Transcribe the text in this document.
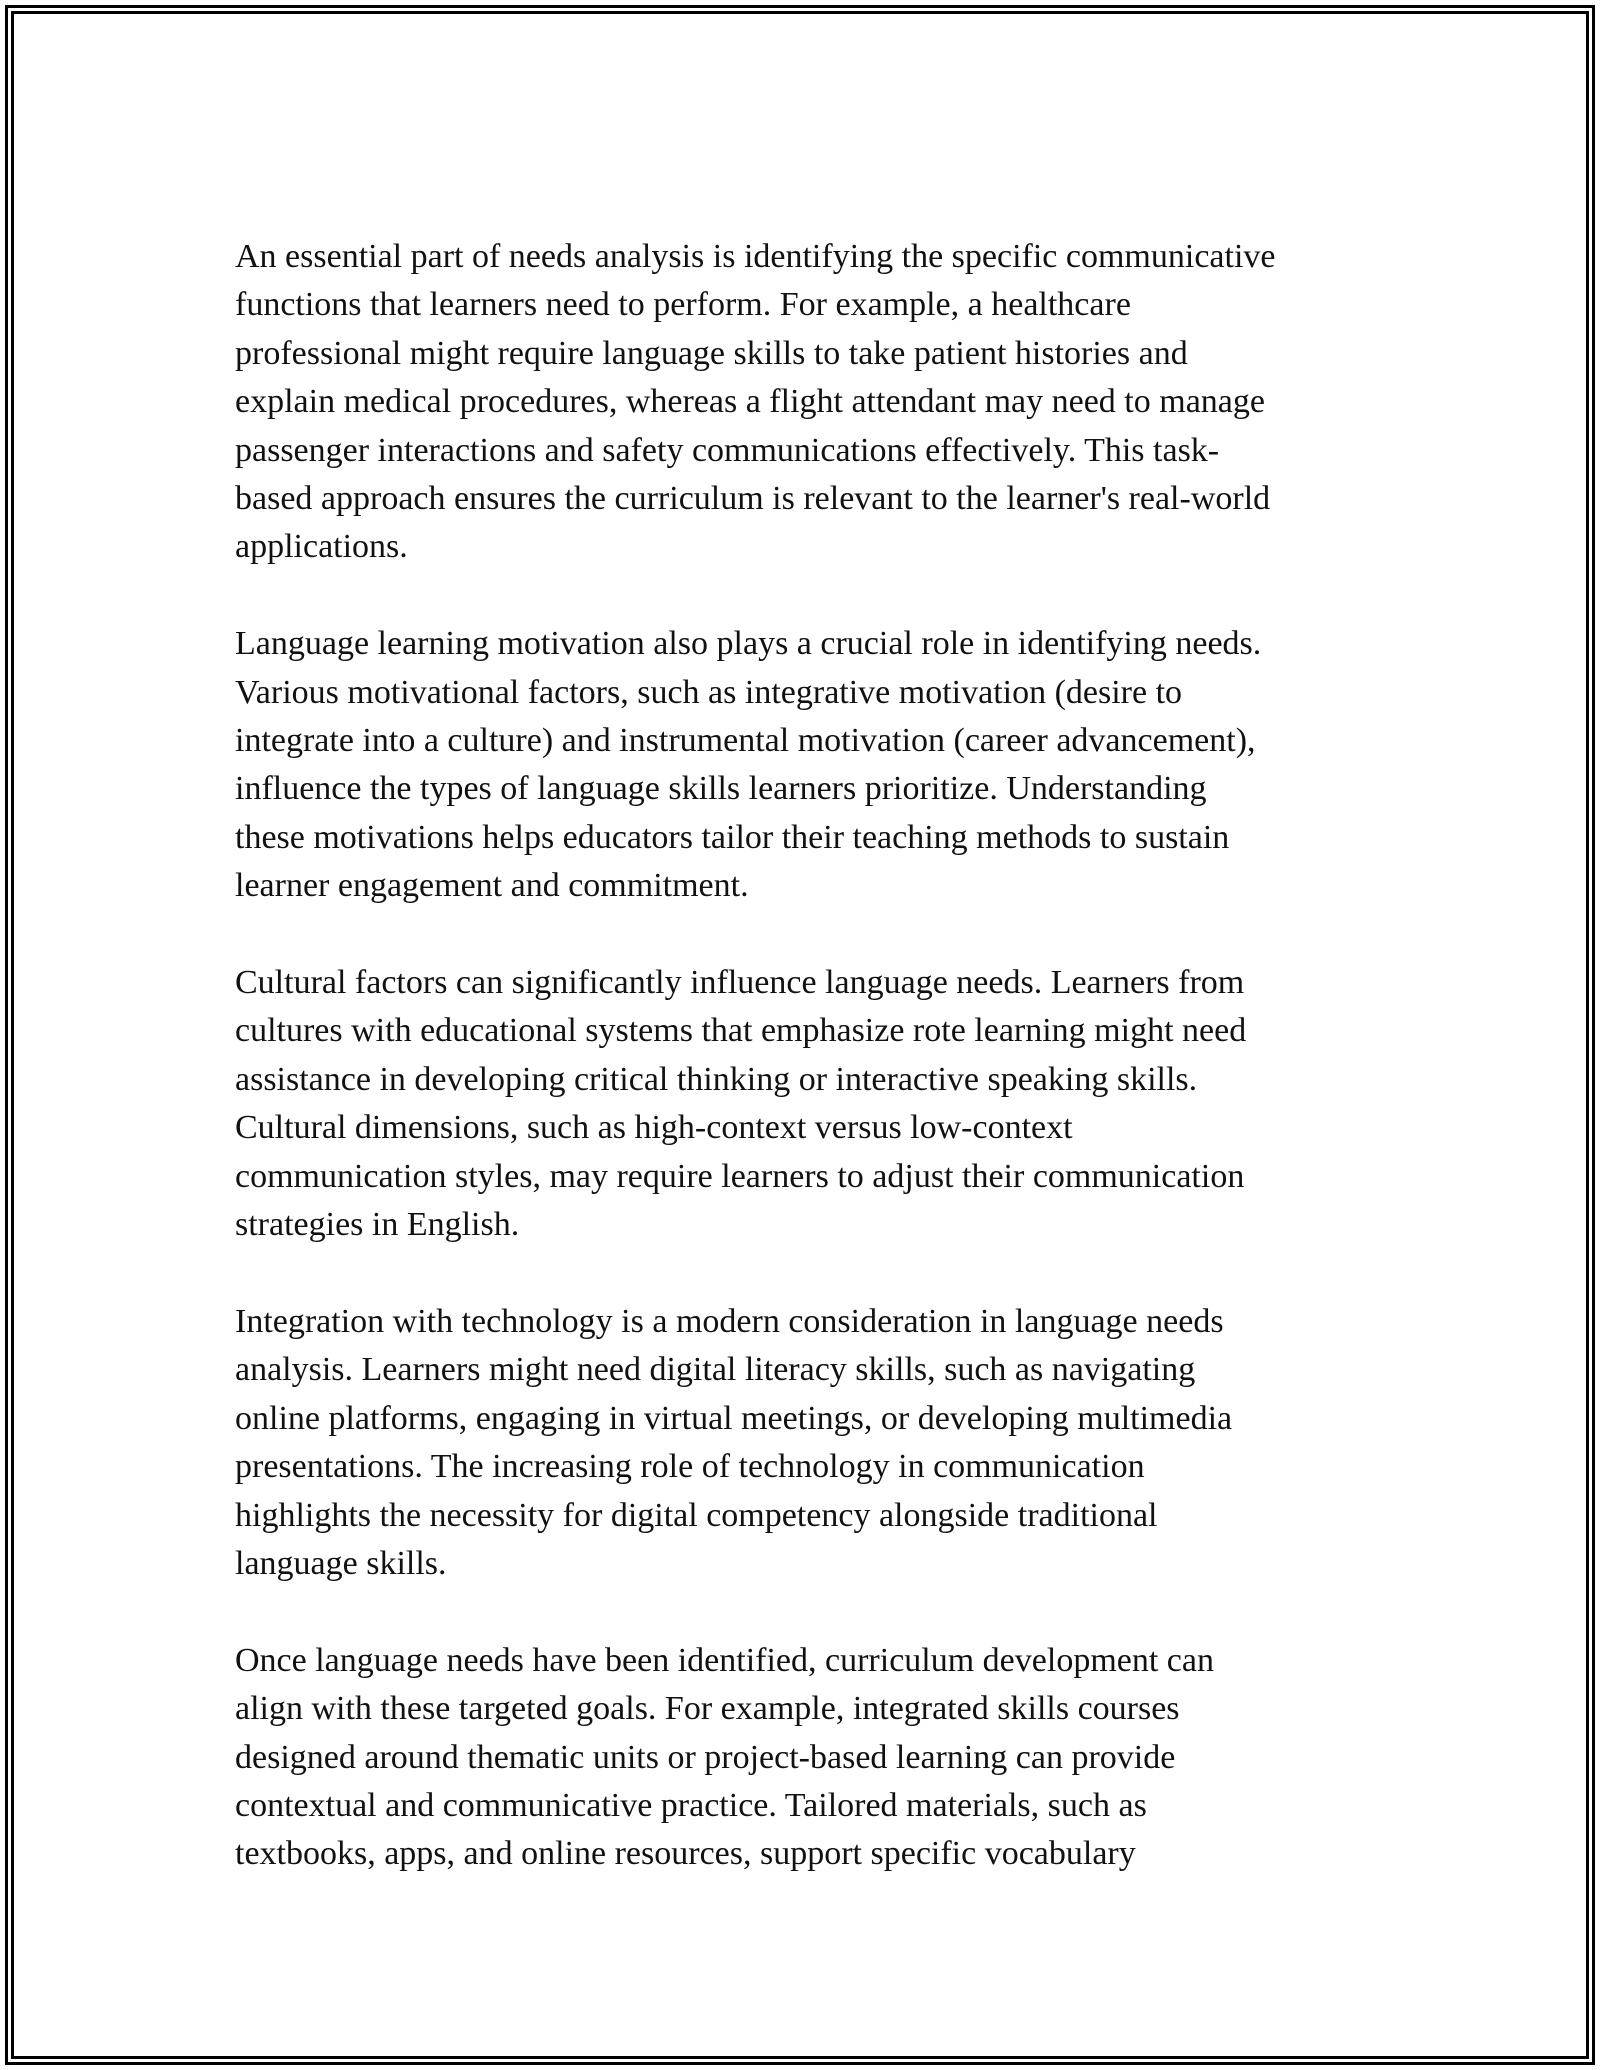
An essential part of needs analysis is identifying the specific communicative
functions that learners need to perform. For example, a healthcare
professional might require language skills to take patient histories and
explain medical procedures, whereas a flight attendant may need to manage
passenger interactions and safety communications effectively. This task-
based approach ensures the curriculum is relevant to the learner's real-world
applications.

Language learning motivation also plays a crucial role in identifying needs.
Various motivational factors, such as integrative motivation (desire to
integrate into a culture) and instrumental motivation (career advancement),
influence the types of language skills learners prioritize. Understanding
these motivations helps educators tailor their teaching methods to sustain
learner engagement and commitment.

Cultural factors can significantly influence language needs. Learners from
cultures with educational systems that emphasize rote learning might need
assistance in developing critical thinking or interactive speaking skills.
Cultural dimensions, such as high-context versus low-context
communication styles, may require learners to adjust their communication
strategies in English.

Integration with technology is a modern consideration in language needs
analysis. Learners might need digital literacy skills, such as navigating
online platforms, engaging in virtual meetings, or developing multimedia
presentations. The increasing role of technology in communication
highlights the necessity for digital competency alongside traditional
language skills.

Once language needs have been identified, curriculum development can
align with these targeted goals. For example, integrated skills courses
designed around thematic units or project-based learning can provide
contextual and communicative practice. Tailored materials, such as
textbooks, apps, and online resources, support specific vocabulary
